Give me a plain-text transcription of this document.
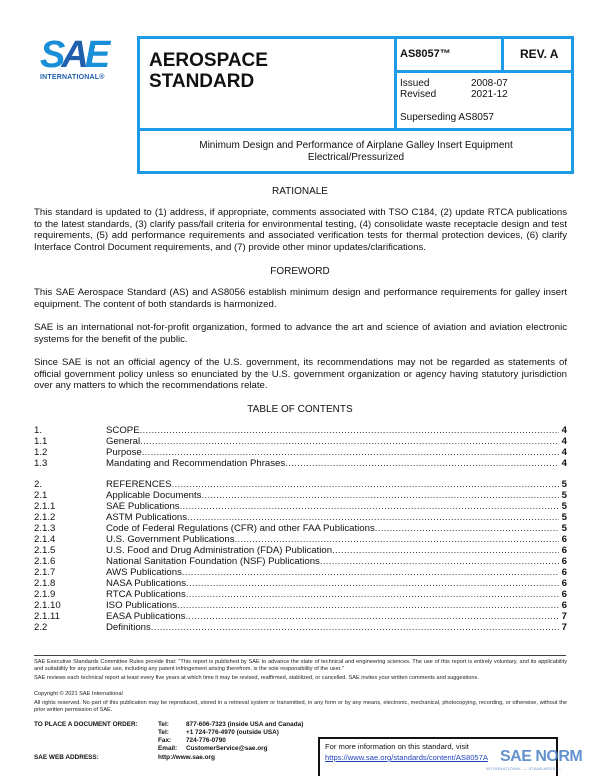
SAE
INTERNATIONAL®
AEROSPACE
STANDARD
AS8057™	REV. A
Issued	2008-07
Revised	2021-12
Superseding AS8057
Minimum Design and Performance of Airplane Galley Insert Equipment
Electrical/Pressurized
RATIONALE
This standard is updated to (1) address, if appropriate, comments associated with TSO C184, (2) update RTCA publications to the latest standards, (3) clarify pass/fail criteria for environmental testing, (4) consolidate waste receptacle design and test requirements, (5) add performance requirements and associated verification tests for thermal protection devices, (6) clarify Interface Control Document requirements, and (7) provide other minor updates/clarifications.
FOREWORD
This SAE Aerospace Standard (AS) and AS8056 establish minimum design and performance requirements for galley insert equipment. The content of both standards is harmonized.
SAE is an international not-for-profit organization, formed to advance the art and science of aviation and aviation electronic systems for the benefit of the public.
Since SAE is not an official agency of the U.S. government, its recommendations may not be regarded as statements of official government policy unless so enunciated by the U.S. government organization or agency having statutory jurisdiction over any matters to which the recommendations relate.
TABLE OF CONTENTS
1.	SCOPE .....	4
1.1	General .....	4
1.2	Purpose .....	4
1.3	Mandating and Recommendation Phrases .....	4
2.	REFERENCES .....	5
2.1	Applicable Documents .....	5
2.1.1	SAE Publications .....	5
2.1.2	ASTM Publications .....	5
2.1.3	Code of Federal Regulations (CFR) and other FAA Publications .....	5
2.1.4	U.S. Government Publications .....	6
2.1.5	U.S. Food and Drug Administration (FDA) Publication .....	6
2.1.6	National Sanitation Foundation (NSF) Publications .....	6
2.1.7	AWS Publications .....	6
2.1.8	NASA Publications .....	6
2.1.9	RTCA Publications .....	6
2.1.10	ISO Publications .....	6
2.1.11	EASA Publications .....	7
2.2	Definitions .....	7
SAE Executive Standards Committee Rules provide that: "This report is published by SAE to advance the state of technical and engineering sciences. The use of this report is entirely voluntary, and its applicability and suitability for any particular use, including any patent infringement arising therefrom, is the sole responsibility of the user."
SAE reviews each technical report at least every five years at which time it may be revised, reaffirmed, stabilized, or cancelled. SAE invites your written comments and suggestions.
Copyright © 2021 SAE International
All rights reserved. No part of this publication may be reproduced, stored in a retrieval system or transmitted, in any form or by any means, electronic, mechanical, photocopying, recording, or otherwise, without the prior written permission of SAE.
TO PLACE A DOCUMENT ORDER:	Tel:	877-606-7323 (inside USA and Canada)
Tel:	+1 724-776-4970 (outside USA)
Fax: 724-776-0790
Email: CustomerService@sae.org
SAE WEB ADDRESS:	http://www.sae.org
For more information on this standard, visit
https://www.sae.org/standards/content/AS8057A SAE NORM
INTERNATIONAL — STANDARDS —
